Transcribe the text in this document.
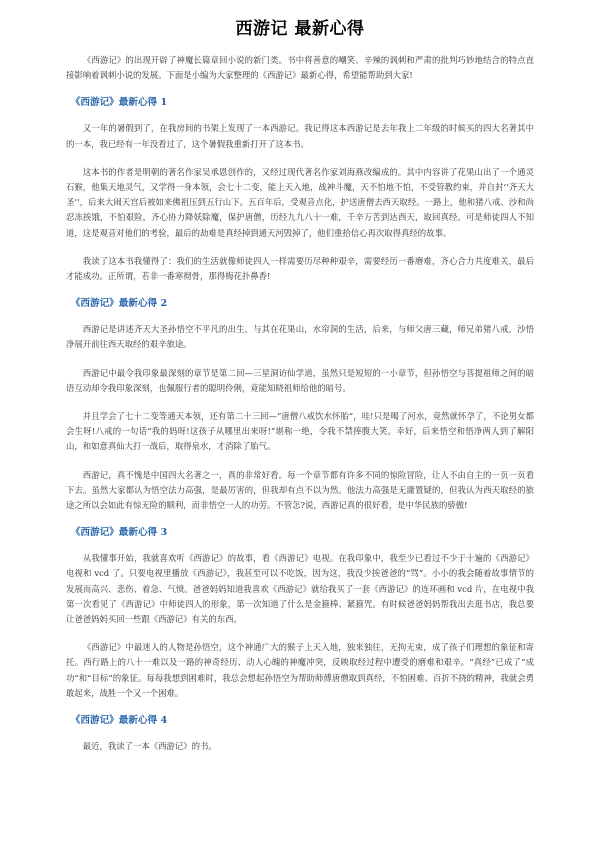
西游记 最新心得

《西游记》的出现开辟了神魔长篇章回小说的新门类。书中将善意的嘲笑、辛辣的讽刺和严肃的批判巧妙地结合的特点直接影响着讽刺小说的发展。下面是小编为大家整理的《西游记》最新心得，希望能帮助到大家!

《西游记》最新心得 1

又一年的暑假到了，在我房间的书架上发现了一本西游记。我记得这本西游记是去年我上二年级的时候买的四大名著其中的一本，我已经有一年没看过了，这个暑假我重新打开了这本书。

这本书的作者是明朝的著名作家吴承恩创作的，又经过现代著名作家刘海燕改编成的。其中内容讲了花果山出了一个通灵石猴，他集天地灵气，又学得一身本领，会七十二变，能上天入地，战神斗魔，天不怕地不怕，不受管教约束，并自封‘‘齐天大圣’’，后来大闹天宫后被如来佛祖压到五行山下。五百年后，受观音点化，护送唐僧去西天取经。一路上，他和猪八戒、沙和尚忍冻挨饿，不怕艰险，齐心协力降妖除魔，保护唐僧，历经九九八十一难，千辛万苦到达西天，取回真经。可是师徒四人不知道，这是观音对他们的考验，最后的劫难是真经掉到通天河毁掉了，他们重拾信心再次取得真经的故事。

我读了这本书我懂得了：我们的生活就像师徒四人一样需要历尽种种艰辛，需要经历一番磨难，齐心合力共度难关，最后才能成功。正所谓，若非一番寒彻骨，那得梅花扑鼻香!

《西游记》最新心得 2

西游记是讲述齐天大圣孙悟空不平凡的出生，与其在花果山，水帘洞的生活，后来，与师父唐三藏，师兄弟猪八戒，沙悟净展开前往西天取经的艰辛旅途。

西游记中最令我印象最深刻的章节是第二回—三星洞访仙学道，虽然只是短短的一小章节，但孙悟空与菩提祖师之间的暗语互动却令我印象深刻，也佩服行者的聪明伶俐，竟能知晓祖师给他的暗号。

并且学会了七十二变等通天本领，还有第二十三回—“唐僧八戒饮水怀胎”，哇!只是喝了河水，竟然就怀孕了，不论男女都会生呀!八戒的一句话“我的妈呀!这孩子从哪里出来呀!”堪称一绝，令我不禁捧腹大笑。幸好，后来悟空和悟净两人到了解阳山，和如意真仙大打一战后，取得泉水，才消除了胎气。

西游记，真不愧是中国四大名著之一，真的非常好看。每一个章节都有许多不同的惊险冒险，让人不由自主的一页一页看下去。虽然大家都认为悟空法力高强，是最厉害的，但我却有点不以为然。他法力高强是无庸置疑的，但我认为西天取经的旅途之所以会如此有惊无险的顺利，而非悟空一人的功劳。不管怎?说，西游记真的很好看，是中华民族的骄傲!

《西游记》最新心得 3

从我懂事开始，我就喜欢听《西游记》的故事，看《西游记》电视。在我印象中，我至少已看过不少于十遍的《西游记》电视和 vcd 了。只要电视里播放《西游记》，我甚至可以不吃饭，因为这，我没少挨爸爸的“骂”。小小的我会随着故事情节的发展而高兴、悲伤、着急、气愤。爸爸妈妈知道我喜欢《西游记》就给我买了一套《西游记》的连环画和 vcd 片，在电视中我第一次看见了《西游记》中师徒四人的形象，第一次知道了什么是金箍棒、紧箍咒。有时候爸爸妈妈帮我出去逛书店，我总要让爸爸妈妈买回一些跟《西游记》有关的东西。

《西游记》中最迷人的人物是孙悟空，这个神通广大的猴子上天入地，独来独往，无拘无束，成了孩子们理想的象征和寄托。西行路上的八十一难以及一路的神奇经历、动人心魄的神魔冲突，反映取经过程中遭受的磨难和艰辛。“真经”已成了“成功”和“目标”的象征。每每我想到困难时，我总会想起孙悟空为帮助师傅唐僧取到真经，不怕困难、百折不挠的精神，我就会勇敢起来，战胜一个又一个困难。

《西游记》最新心得 4

最近，我读了一本《西游记》的书。
